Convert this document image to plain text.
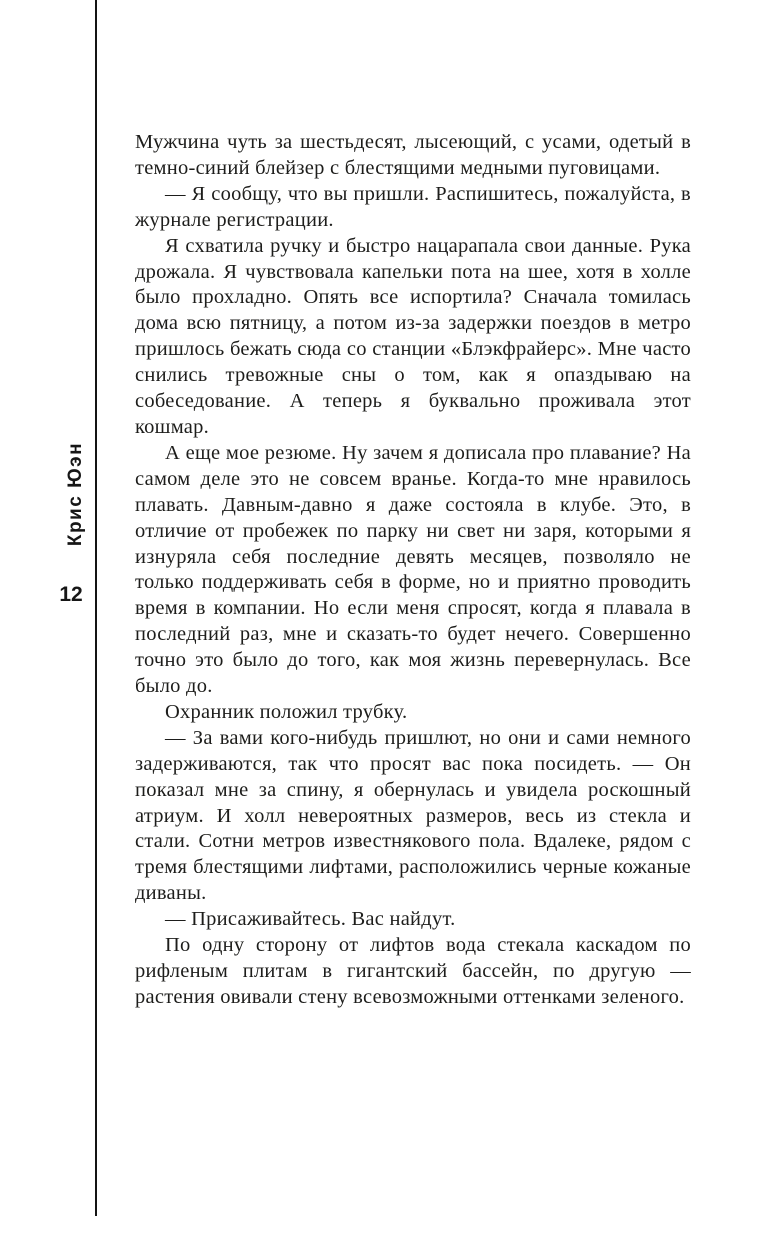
Крис Юэн
12

Мужчина чуть за шестьдесят, лысеющий, с усами, одетый в темно-синий блейзер с блестящими медными пуговицами.

— Я сообщу, что вы пришли. Распишитесь, пожалуйста, в журнале регистрации.

Я схватила ручку и быстро нацарапала свои данные. Рука дрожала. Я чувствовала капельки пота на шее, хотя в холле было прохладно. Опять все испортила? Сначала томилась дома всю пятницу, а потом из-за задержки поездов в метро пришлось бежать сюда со станции «Блэкфрайерс». Мне часто снились тревожные сны о том, как я опаздываю на собеседование. А теперь я буквально проживала этот кошмар.

А еще мое резюме. Ну зачем я дописала про плавание? На самом деле это не совсем вранье. Когда-то мне нравилось плавать. Давным-давно я даже состояла в клубе. Это, в отличие от пробежек по парку ни свет ни заря, которыми я изнуряла себя последние девять месяцев, позволяло не только поддерживать себя в форме, но и приятно проводить время в компании. Но если меня спросят, когда я плавала в последний раз, мне и сказать-то будет нечего. Совершенно точно это было до того, как моя жизнь перевернулась. Все было до.

Охранник положил трубку.

— За вами кого-нибудь пришлют, но они и сами немного задерживаются, так что просят вас пока посидеть. — Он показал мне за спину, я обернулась и увидела роскошный атриум. И холл невероятных размеров, весь из стекла и стали. Сотни метров известнякового пола. Вдалеке, рядом с тремя блестящими лифтами, расположились черные кожаные диваны.

— Присаживайтесь. Вас найдут.

По одну сторону от лифтов вода стекала каскадом по рифленым плитам в гигантский бассейн, по другую — растения овивали стену всевозможными оттенками зеленого.
